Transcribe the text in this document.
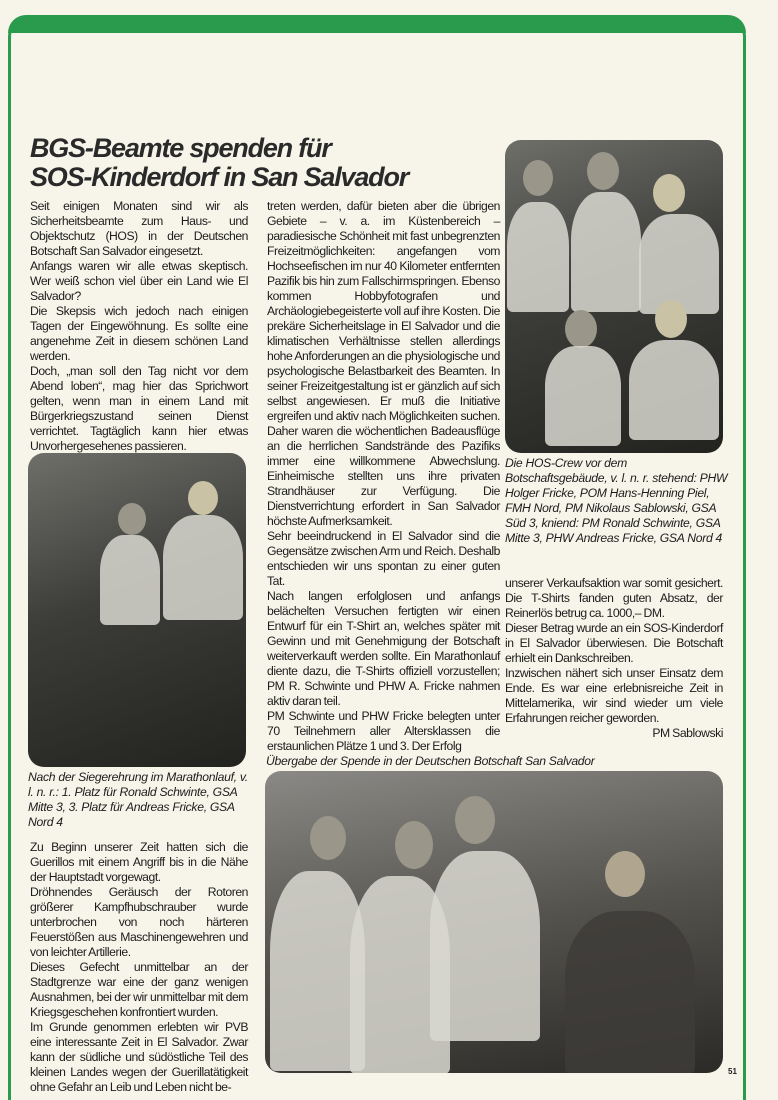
BGS-Beamte spenden für
SOS-Kinderdorf in San Salvador

Seit einigen Monaten sind wir als Sicherheitsbeamte zum Haus- und Objektschutz (HOS) in der Deutschen Botschaft San Salvador eingesetzt.

Anfangs waren wir alle etwas skeptisch. Wer weiß schon viel über ein Land wie El Salvador?

Die Skepsis wich jedoch nach einigen Tagen der Eingewöhnung. Es sollte eine angenehme Zeit in diesem schönen Land werden.

Doch, „man soll den Tag nicht vor dem Abend loben“, mag hier das Sprichwort gelten, wenn man in einem Land mit Bürgerkriegszustand seinen Dienst verrichtet. Tagtäglich kann hier etwas Unvorhergesehenes passieren.

Nach der Siegerehrung im Marathonlauf, v. l. n. r.: 1. Platz für Ronald Schwinte, GSA Mitte 3, 3. Platz für Andreas Fricke, GSA Nord 4

Zu Beginn unserer Zeit hatten sich die Guerillos mit einem Angriff bis in die Nähe der Hauptstadt vorgewagt.

Dröhnendes Geräusch der Rotoren größerer Kampfhubschrauber wurde unterbrochen von noch härteren Feuerstößen aus Maschinengewehren und von leichter Artillerie.

Dieses Gefecht unmittelbar an der Stadtgrenze war eine der ganz wenigen Ausnahmen, bei der wir unmittelbar mit dem Kriegsgeschehen konfrontiert wurden.

Im Grunde genommen erlebten wir PVB eine interessante Zeit in El Salvador. Zwar kann der südliche und südöstliche Teil des kleinen Landes wegen der Guerillatätigkeit ohne Gefahr an Leib und Leben nicht be-

treten werden, dafür bieten aber die übrigen Gebiete – v. a. im Küstenbereich – paradiesische Schönheit mit fast unbegrenzten Freizeitmöglichkeiten: angefangen vom Hochseefischen im nur 40 Kilometer entfernten Pazifik bis hin zum Fallschirmspringen. Ebenso kommen Hobbyfotografen und Archäologiebegeisterte voll auf ihre Kosten. Die prekäre Sicherheitslage in El Salvador und die klimatischen Verhältnisse stellen allerdings hohe Anforderungen an die physiologische und psychologische Belastbarkeit des Beamten. In seiner Freizeitgestaltung ist er gänzlich auf sich selbst angewiesen. Er muß die Initiative ergreifen und aktiv nach Möglichkeiten suchen. Daher waren die wöchentlichen Badeausflüge an die herrlichen Sandstrände des Pazifiks immer eine willkommene Abwechslung. Einheimische stellten uns ihre privaten Strandhäuser zur Verfügung. Die Dienstverrichtung erfordert in San Salvador höchste Aufmerksamkeit.

Sehr beeindruckend in El Salvador sind die Gegensätze zwischen Arm und Reich. Deshalb entschieden wir uns spontan zu einer guten Tat.

Nach langen erfolglosen und anfangs belächelten Versuchen fertigten wir einen Entwurf für ein T-Shirt an, welches später mit Gewinn und mit Genehmigung der Botschaft weiterverkauft werden sollte. Ein Marathonlauf diente dazu, die T-Shirts offiziell vorzustellen; PM R. Schwinte und PHW A. Fricke nahmen aktiv daran teil.

PM Schwinte und PHW Fricke belegten unter 70 Teilnehmern aller Altersklassen die erstaunlichen Plätze 1 und 3. Der Erfolg

Die HOS-Crew vor dem Botschaftsgebäude, v. l. n. r. stehend: PHW Holger Fricke, POM Hans-Henning Piel, FMH Nord, PM Nikolaus Sablowski, GSA Süd 3, kniend: PM Ronald Schwinte, GSA Mitte 3, PHW Andreas Fricke, GSA Nord 4

unserer Verkaufsaktion war somit gesichert. Die T-Shirts fanden guten Absatz, der Reinerlös betrug ca. 1000,– DM.

Dieser Betrag wurde an ein SOS-Kinderdorf in El Salvador überwiesen. Die Botschaft erhielt ein Dankschreiben.

Inzwischen nähert sich unser Einsatz dem Ende. Es war eine erlebnisreiche Zeit in Mittelamerika, wir sind wieder um viele Erfahrungen reicher geworden.

PM Sablowski

Übergabe der Spende in der Deutschen Botschaft San Salvador
51
